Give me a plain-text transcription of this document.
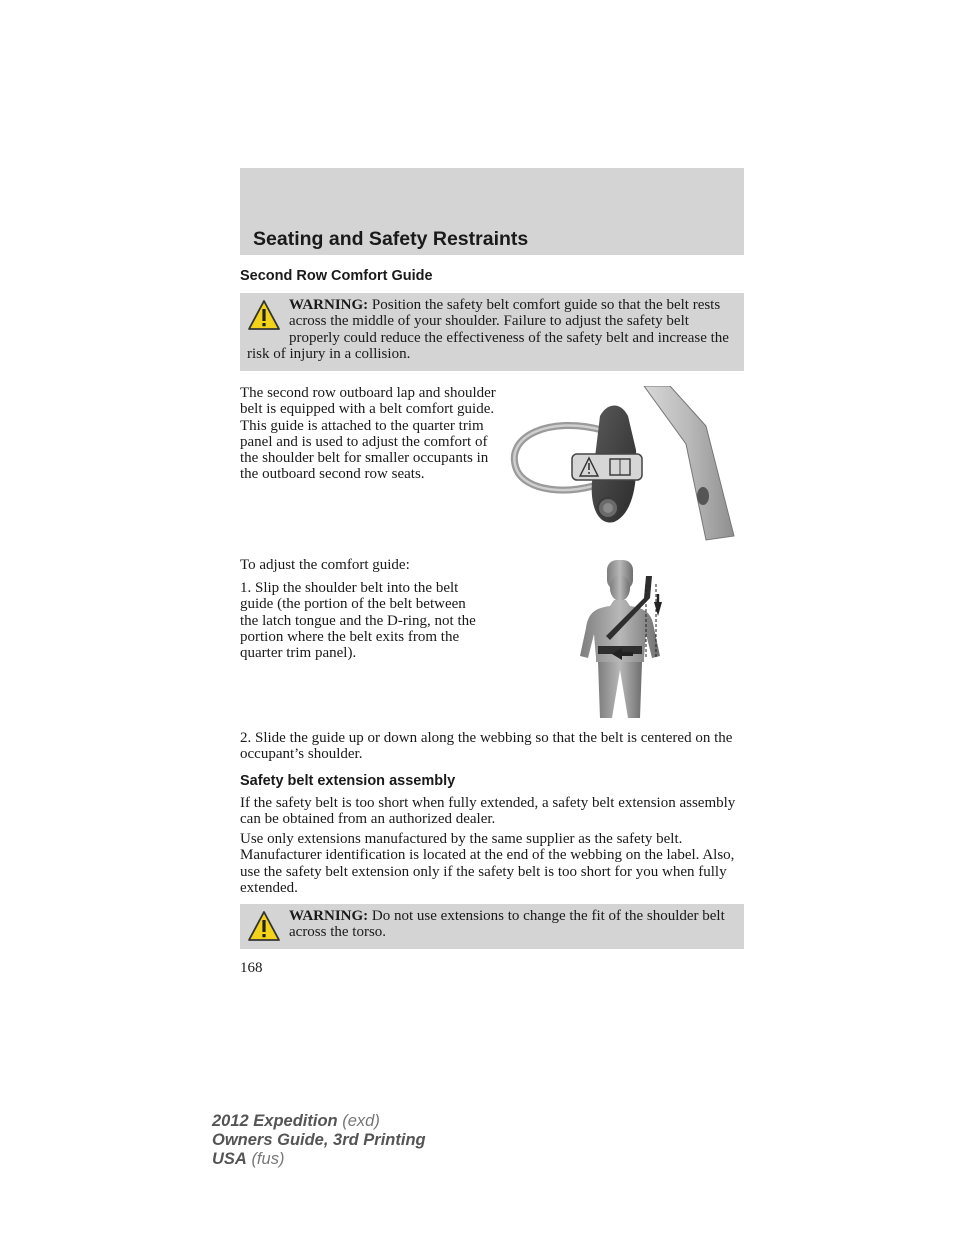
Seating and Safety Restraints
Second Row Comfort Guide
WARNING: Position the safety belt comfort guide so that the belt rests across the middle of your shoulder. Failure to adjust the safety belt properly could reduce the effectiveness of the safety belt and increase the risk of injury in a collision.

The second row outboard lap and shoulder belt is equipped with a belt comfort guide. This guide is attached to the quarter trim panel and is used to adjust the comfort of the shoulder belt for smaller occupants in the outboard second row seats.

To adjust the comfort guide:

1. Slip the shoulder belt into the belt guide (the portion of the belt between the latch tongue and the D-ring, not the portion where the belt exits from the quarter trim panel).

2. Slide the guide up or down along the webbing so that the belt is centered on the occupant’s shoulder.

Safety belt extension assembly

If the safety belt is too short when fully extended, a safety belt extension assembly can be obtained from an authorized dealer.

Use only extensions manufactured by the same supplier as the safety belt. Manufacturer identification is located at the end of the webbing on the label. Also, use the safety belt extension only if the safety belt is too short for you when fully extended.

WARNING: Do not use extensions to change the fit of the shoulder belt across the torso.

168

2012 Expedition (exd)
Owners Guide, 3rd Printing
USA (fus)
